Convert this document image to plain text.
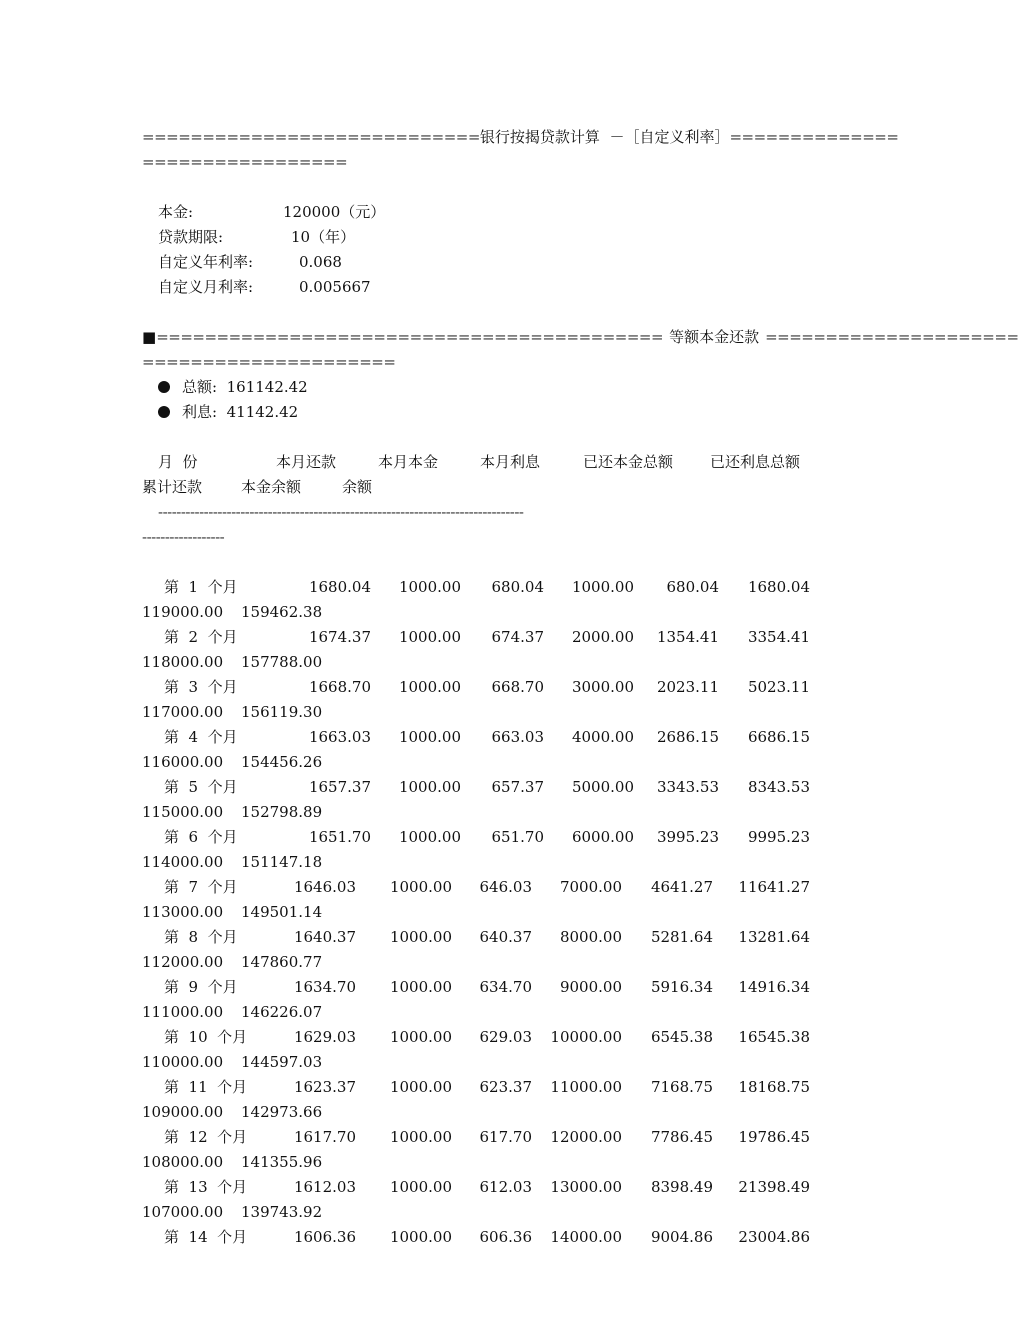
============================ 银行按揭贷款计算  －［自定义利率］ ==============
=================
本金:	120000（元）
贷款期限:	10（年）
自定义年利率:	0.068
自定义月利率:	0.005667
■========================================== 等额本金还款 =====================
=====================
总额: 161142.42
利息: 41142.42
月  份	本月还款	本月本金	本月利息	已还本金总额 已还利息总额
累计还款	本金余额	余额
--------------------------------------------------------------------------------
------------------
第  1  个月	1680.04	1000.00	680.04	1000.00	680.04	1680.04
119000.00 159462.38
第  2  个月	1674.37	1000.00	674.37	2000.00	1354.41	3354.41
118000.00 157788.00
第  3  个月	1668.70	1000.00	668.70	3000.00	2023.11	5023.11
117000.00 156119.30
第  4  个月	1663.03	1000.00	663.03	4000.00	2686.15	6686.15
116000.00 154456.26
第  5  个月	1657.37	1000.00	657.37	5000.00	3343.53	8343.53
115000.00 152798.89
第  6  个月	1651.70	1000.00	651.70	6000.00	3995.23	9995.23
114000.00 151147.18
第  7  个月	1646.03	1000.00	646.03	7000.00	4641.27	11641.27
113000.00 149501.14
第  8  个月	1640.37	1000.00	640.37	8000.00	5281.64	13281.64
112000.00 147860.77
第  9  个月	1634.70	1000.00	634.70	9000.00	5916.34	14916.34
111000.00 146226.07
第  10  个月	1629.03	1000.00	629.03	10000.00	6545.38	16545.38
110000.00 144597.03
第  11  个月	1623.37	1000.00	623.37	11000.00	7168.75	18168.75
109000.00 142973.66
第  12  个月	1617.70	1000.00	617.70	12000.00	7786.45	19786.45
108000.00 141355.96
第  13  个月	1612.03	1000.00	612.03	13000.00	8398.49	21398.49
107000.00 139743.92
第  14  个月	1606.36	1000.00	606.36	14000.00	9004.86	23004.86
